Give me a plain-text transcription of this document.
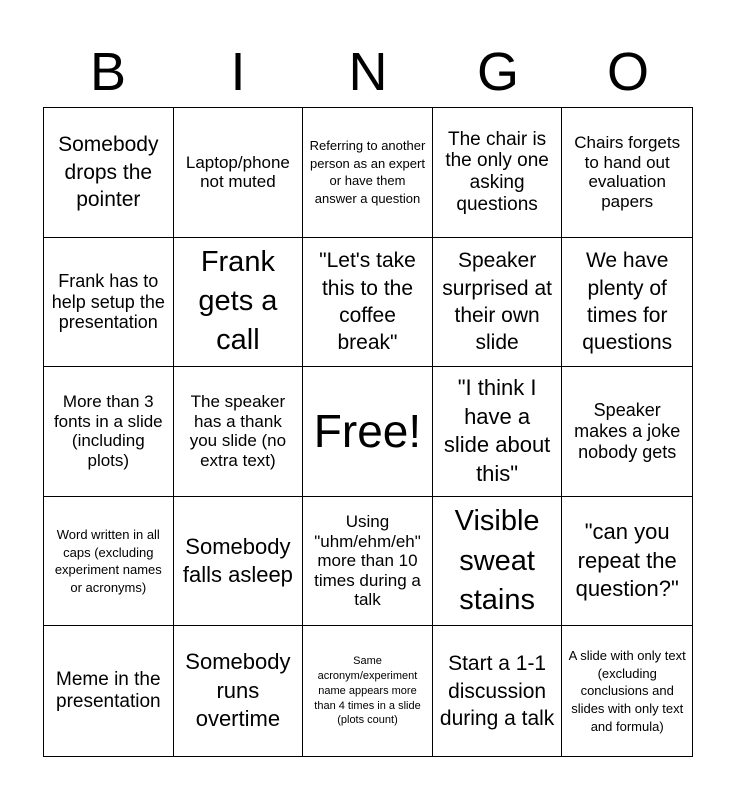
B	I	N	G	O
Somebody drops the pointer
Laptop/phone not muted
Referring to another person as an expert or have them answer a question
The chair is the only one asking questions
Chairs forgets to hand out evaluation papers
Frank has to help setup the presentation
Frank gets a call
"Let's take this to the coffee break"
Speaker surprised at their own slide
We have plenty of times for questions
More than 3 fonts in a slide (including plots)
The speaker has a thank you slide (no extra text)
Free!
"I think I have a slide about this"
Speaker makes a joke nobody gets
Word written in all caps (excluding experiment names or acronyms)
Somebody falls asleep
Using "uhm/ehm/eh" more than 10 times during a talk
Visible sweat stains
"can you repeat the question?"
Meme in the presentation
Somebody runs overtime
Same acronym/experiment name appears more than 4 times in a slide (plots count)
Start a 1-1 discussion during a talk
A slide with only text (excluding conclusions and slides with only text and formula)
